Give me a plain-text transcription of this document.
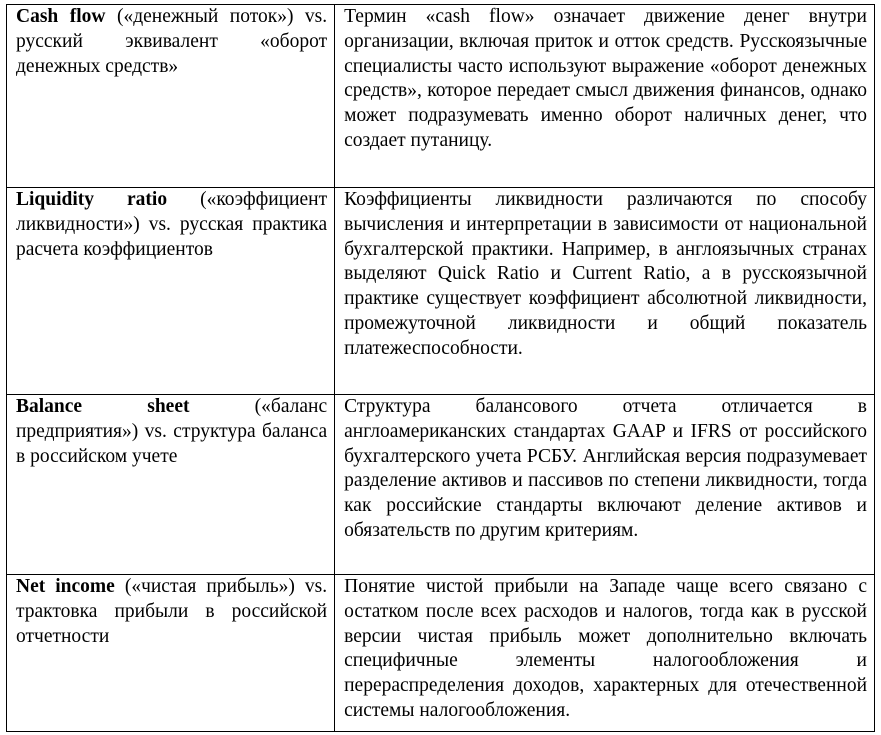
Cash flow («денежный поток») vs. русский эквивалент «оборот денежных средств»	Термин «cash flow» означает движение денег внутри организации, включая приток и отток средств. Русскоязычные специалисты часто используют выражение «оборот денежных средств», которое передает смысл движения финансов, однако может подразумевать именно оборот наличных денег, что создает путаницу.
Liquidity ratio («коэффициент ликвидности») vs. русская практика расчета коэффициентов	Коэффициенты ликвидности различаются по способу вычисления и интерпретации в зависимости от национальной бухгалтерской практики. Например, в англоязычных странах выделяют Quick Ratio и Current Ratio, а в русскоязычной практике существует коэффициент абсолютной ликвидности, промежуточной ликвидности и общий показатель платежеспособности.
Balance sheet («баланс предприятия») vs. структура баланса в российском учете	Структура балансового отчета отличается в англоамериканских стандартах GAAP и IFRS от российского бухгалтерского учета РСБУ. Английская версия подразумевает разделение активов и пассивов по степени ликвидности, тогда как российские стандарты включают деление активов и обязательств по другим критериям.
Net income («чистая прибыль») vs. трактовка прибыли в российской отчетности	Понятие чистой прибыли на Западе чаще всего связано с остатком после всех расходов и налогов, тогда как в русской версии чистая прибыль может дополнительно включать специфичные элементы налогообложения и перераспределения доходов, характерных для отечественной системы налогообложения.
